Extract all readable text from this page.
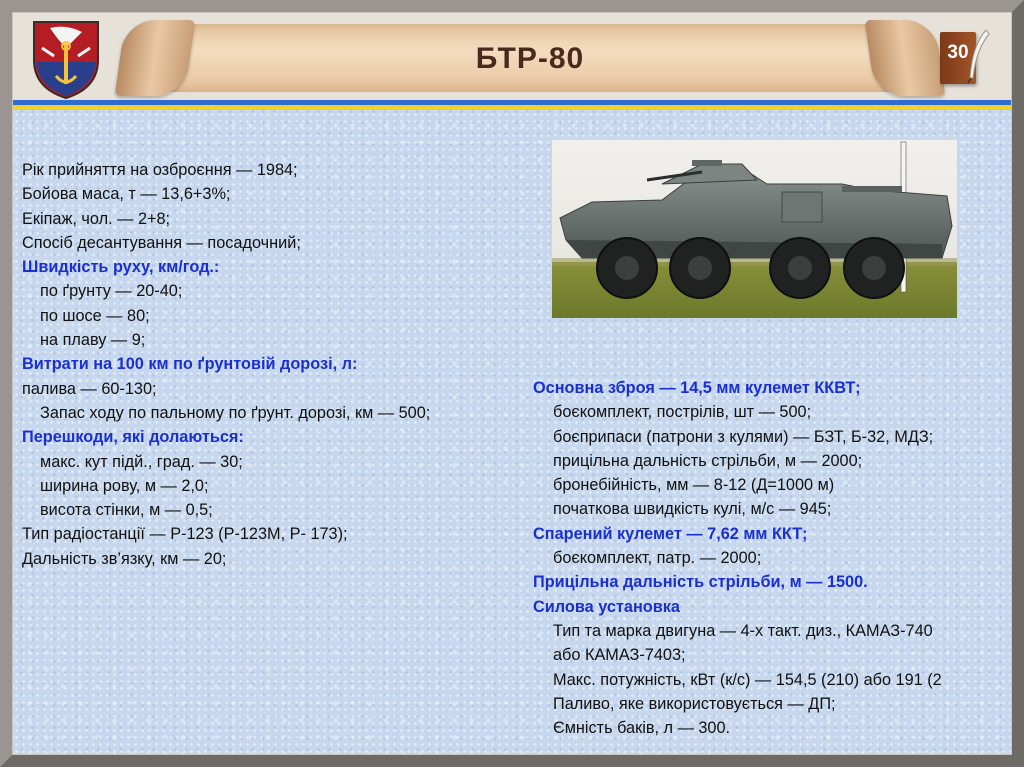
БТР-80	30
Рік прийняття на озброєння — 1984;
Бойова маса, т — 13,6+3%;
Екіпаж, чол. — 2+8;
Спосіб десантування — посадочний;
Швидкість руху, км/год.:
по ґрунту — 20-40;
по шосе — 80;
на плаву — 9;
Витрати на 100 км по ґрунтовій дорозі, л:
палива — 60-130;
Запас ходу по пальному по ґрунт. дорозі, км — 500;
Перешкоди, які долаються:
макс. кут підй., град. — 30;
ширина рову, м — 2,0;
висота стінки, м — 0,5;
Тип радіостанції — Р-123 (Р-123М, Р- 173);
Дальність зв’язку, км — 20;
Основна зброя — 14,5 мм кулемет ККВТ;
боєкомплект, пострілів, шт — 500;
боєприпаси (патрони з кулями) — БЗТ, Б-32, МДЗ;
прицільна дальність стрільби, м — 2000;
бронебійність, мм — 8-12 (Д=1000 м)
початкова швидкість кулі, м/с — 945;
Спарений кулемет — 7,62 мм ККТ;
боєкомплект, патр. — 2000;
Прицільна дальність стрільби, м — 1500.
Силова установка
Тип та марка двигуна — 4-х такт. диз., КАМАЗ-740
або КАМАЗ-7403;
Макс. потужність, кВт (к/с) — 154,5 (210) або 191 (2
Паливо, яке використовується — ДП;
Ємність баків, л — 300.
